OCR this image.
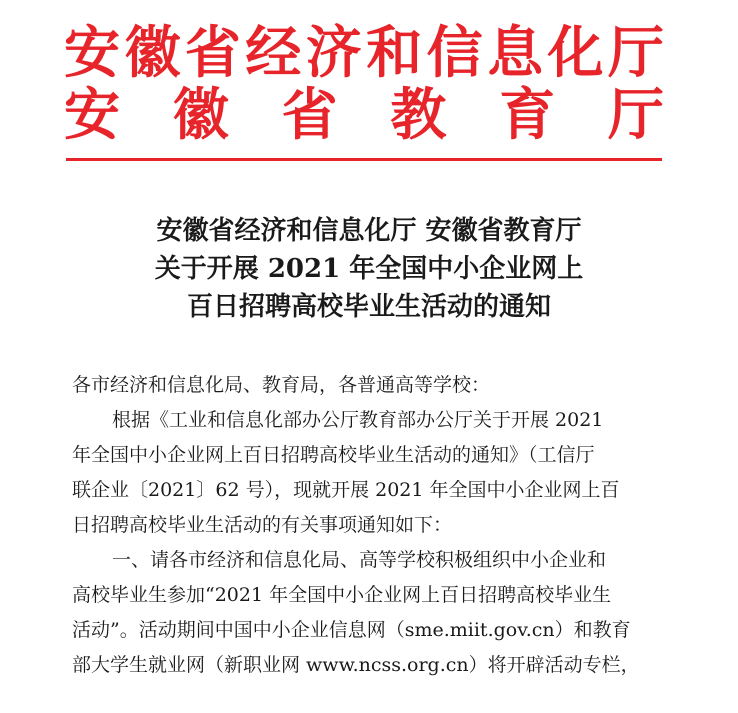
安 徽 省 经 济 和 信 息 化 厅
安 徽 省 教 育 厅
安徽省经济和信息化厅 安徽省教育厅
关于开展 2021 年全国中小企业网上
百日招聘高校毕业生活动的通知

各市经济和信息化局、教育局，各普通高等学校：

根据《工业和信息化部办公厅教育部办公厅关于开展 2021

年全国中小企业网上百日招聘高校毕业生活动的通知》（工信厅

联企业〔2021〕62 号），现就开展 2021 年全国中小企业网上百

日招聘高校毕业生活动的有关事项通知如下：

一、请各市经济和信息化局、高等学校积极组织中小企业和

高校毕业生参加“2021 年全国中小企业网上百日招聘高校毕业生

活动”。活动期间中国中小企业信息网（sme.miit.gov.cn）和教育

部大学生就业网（新职业网 www.ncss.org.cn）将开辟活动专栏，
